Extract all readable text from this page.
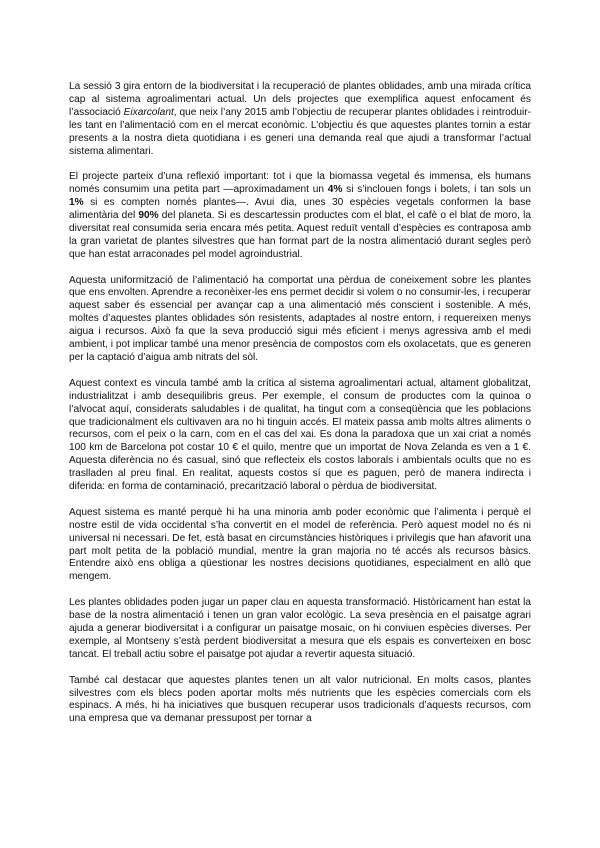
La sessió 3 gira entorn de la biodiversitat i la recuperació de plantes oblidades, amb una mirada crítica cap al sistema agroalimentari actual. Un dels projectes que exemplifica aquest enfocament és l’associació Eixarcolant, que neix l’any 2015 amb l’objectiu de recuperar plantes oblidades i reintroduir-les tant en l’alimentació com en el mercat econòmic. L’objectiu és que aquestes plantes tornin a estar presents a la nostra dieta quotidiana i es generi una demanda real que ajudi a transformar l’actual sistema alimentari.

El projecte parteix d’una reflexió important: tot i que la biomassa vegetal és immensa, els humans només consumim una petita part —aproximadament un 4% si s’inclouen fongs i bolets, i tan sols un 1% si es compten només plantes—. Avui dia, unes 30 espècies vegetals conformen la base alimentària del 90% del planeta. Si es descartessin productes com el blat, el cafè o el blat de moro, la diversitat real consumida seria encara més petita. Aquest reduït ventall d’espècies es contraposa amb la gran varietat de plantes silvestres que han format part de la nostra alimentació durant segles però que han estat arraconades pel model agroindustrial.

Aquesta uniformització de l’alimentació ha comportat una pèrdua de coneixement sobre les plantes que ens envolten. Aprendre a reconèixer-les ens permet decidir si volem o no consumir-les, i recuperar aquest saber és essencial per avançar cap a una alimentació més conscient i sostenible. A més, moltes d’aquestes plantes oblidades són resistents, adaptades al nostre entorn, i requereixen menys aigua i recursos. Això fa que la seva producció sigui més eficient i menys agressiva amb el medi ambient, i pot implicar també una menor presència de compostos com els oxolacetats, que es generen per la captació d’aigua amb nitrats del sòl.

Aquest context es vincula també amb la crítica al sistema agroalimentari actual, altament globalitzat, industrialitzat i amb desequilibris greus. Per exemple, el consum de productes com la quinoa o l’alvocat aquí, considerats saludables i de qualitat, ha tingut com a conseqüència que les poblacions que tradicionalment els cultivaven ara no hi tinguin accés. El mateix passa amb molts altres aliments o recursos, com el peix o la carn, com en el cas del xai. Es dona la paradoxa que un xai criat a només 100 km de Barcelona pot costar 10 € el quilo, mentre que un importat de Nova Zelanda es ven a 1 €. Aquesta diferència no és casual, sinó que reflecteix els costos laborals i ambientals ocults que no es traslladen al preu final. En realitat, aquests costos sí que es paguen, però de manera indirecta i diferida: en forma de contaminació, precarització laboral o pèrdua de biodiversitat.

Aquest sistema es manté perquè hi ha una minoria amb poder econòmic que l’alimenta i perquè el nostre estil de vida occidental s’ha convertit en el model de referència. Però aquest model no és ni universal ni necessari. De fet, està basat en circumstàncies històriques i privilegis que han afavorit una part molt petita de la població mundial, mentre la gran majoria no té accés als recursos bàsics. Entendre això ens obliga a qüestionar les nostres decisions quotidianes, especialment en allò que mengem.

Les plantes oblidades poden jugar un paper clau en aquesta transformació. Històricament han estat la base de la nostra alimentació i tenen un gran valor ecològic. La seva presència en el paisatge agrari ajuda a generar biodiversitat i a configurar un paisatge mosaic, on hi conviuen espècies diverses. Per exemple, al Montseny s’està perdent biodiversitat a mesura que els espais es converteixen en bosc tancat. El treball actiu sobre el paisatge pot ajudar a revertir aquesta situació.

També cal destacar que aquestes plantes tenen un alt valor nutricional. En molts casos, plantes silvestres com els blecs poden aportar molts més nutrients que les espècies comercials com els espinacs. A més, hi ha iniciatives que busquen recuperar usos tradicionals d’aquests recursos, com una empresa que va demanar pressupost per tornar a
